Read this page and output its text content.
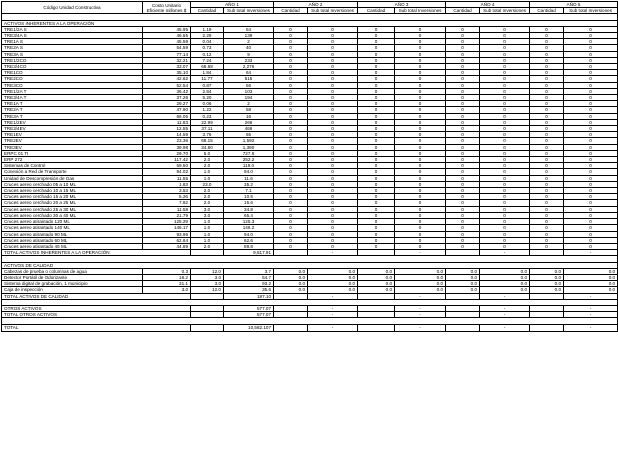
Código Unidad Constructiva	Costo Unitario Eficiente millones $	AÑO 1		AÑO 2		AÑO 3		AÑO 4		AÑO 5	
		Cantidad	Sub total Inversiones	Cantidad	Sub total Inversiones	Cantidad	Sub total Inversiones	Cantidad	Sub total Inversiones	Cantidad	Sub total Inversiones

ACTIVOS INHERENTES A LA OPERACIÓN											
TRE1/2A S	45.95	1.19	54	0	0	0	0	0	0	0	0
TRE3/4A S	46.55	2.29	139	0	0	0	0	0	0	0	0
TRE1A S	45.59	0.04	2	0	0	0	0	0	0	0	0
TRE2A S	54.59	0.73	40	0	0	0	0	0	0	0	0
TRE3A S	77.14	0.12	9	0	0	0	0	0	0	0	0
TRE1/2CO	32.21	7.24	233	0	0	0	0	0	0	0	0
TRE3/4CO	33.07	68.88	2,276	0	0	0	0	0	0	0	0
TRE1CO	35.10	1.84	64	0	0	0	0	0	0	0	0
TRE2CO	42.62	11.77	515	0	0	0	0	0	0	0	0
TRE3CO	52.54	0.87	56	0	0	0	0	0	0	0	0
TRE1/2A T	36.42	2.84	103	0	0	0	0	0	0	0	0
TRE3/4A T	37.26	5.20	194	0	0	0	0	0	0	0	0
TRE1A T	29.27	0.06	2	0	0	0	0	0	0	0	0
TRE2A T	47.90	1.22	58	0	0	0	0	0	0	0	0
TRE3A T	66.05	0.23	16	0	0	0	0	0	0	0	0
TRE1/2EV	11.83	22.99	266	0	0	0	0	0	0	0	0
TRE3/4EV	12.55	37.11	466	0	0	0	0	0	0	0	0
TRE1EV	14.59	3.76	55	0	0	0	0	0	0	0	0
TRE2EV	23.36	68.15	1,592	0	0	0	0	0	0	0	0
TRE3EV	39.98	34.80	1,390	0	0	0	0	0	0	0	0
ERPC 01 TI	29.70	5.0	727.6	0	0	0	0	0	0	0	0
ERP 272	117.42	2.0	252.2	0	0	0	0	0	0	0	0
Sistemas de Control	59.50	2.0	119.0	0	0	0	0	0	0	0	0
Conexión a Red de Transporte	94.02	1.0	94.0	0	0	0	0	0	0	0	0
Unidad de Descompresión de Gas	11.55	1.0	11.6	0	0	0	0	0	0	0	0
Cruces aereo cerchado 05 a 10 ML	1.83	23.0	35.2	0	0	0	0	0	0	0	0
Cruces aereo cerchado 10 a 15 ML	3.53	2.0	7.1	0	0	0	0	0	0	0	0
Cruces aereo cerchado 15 a 20 ML	5.26	2.0	10.5	0	0	0	0	0	0	0	0
Cruces aereo cerchado 20 a 25 ML	7.82	2.0	15.6	0	0	0	0	0	0	0	0
Cruces aereo cerchado 25 a 30 ML	11.58	3.0	34.8	0	0	0	0	0	0	0	0
Cruces aereo cerchado 30 a 40 ML	21.79	3.0	65.4	0	0	0	0	0	0	0	0
Cruces aereo atirantado 120 ML	125.29	1.0	125.3	0	0	0	0	0	0	0	0
Cruces aereo atirantado 140 ML	146.17	1.0	146.2	0	0	0	0	0	0	0	0
Cruces aereo atirantado 90 ML	93.96	1.0	94.0	0	0	0	0	0	0	0	0
Cruces aereo atirantado 60 ML	62.64	1.0	62.6	0	0	0	0	0	0	0	0
Cruces aereo atirantado 45 ML	44.89	2.0	89.8	0	0	0	0	0	0	0	0
TOTAL ACTIVOS INHERENTES A LA OPERACIÓN			9,817.91		-		-		-		-

ACTIVOS DE CALIDAD											
Cabezas de prueba o columnas de agua	0.3	12.0	3.7	0.0	0.0	0.0	0.0	0.0	0.0	0.0	0.0
Detector Portátil de Odorizante	18.2	3.0	54.7	0.0	0.0	0.0	0.0	0.0	0.0	0.0	0.0
Sistema digital de grabación, 1 municipio	31.1	3.0	93.2	0.0	0.0	0.0	0.0	0.0	0.0	0.0	0.0
Caja de inspección	3.0	12.0	35.6	0.0	0.0	0.0	0.0	0.0	0.0	0.0	0.0
TOTAL ACTIVOS DE CALIDAD			187.10		-		-		-		-

OTROS ACTIVOS			577.07		-		-		-		-
TOTAL OTROS ACTIVOS			577.07		-		-		-		-

TOTAL			10,582.107		-		-		-		-
